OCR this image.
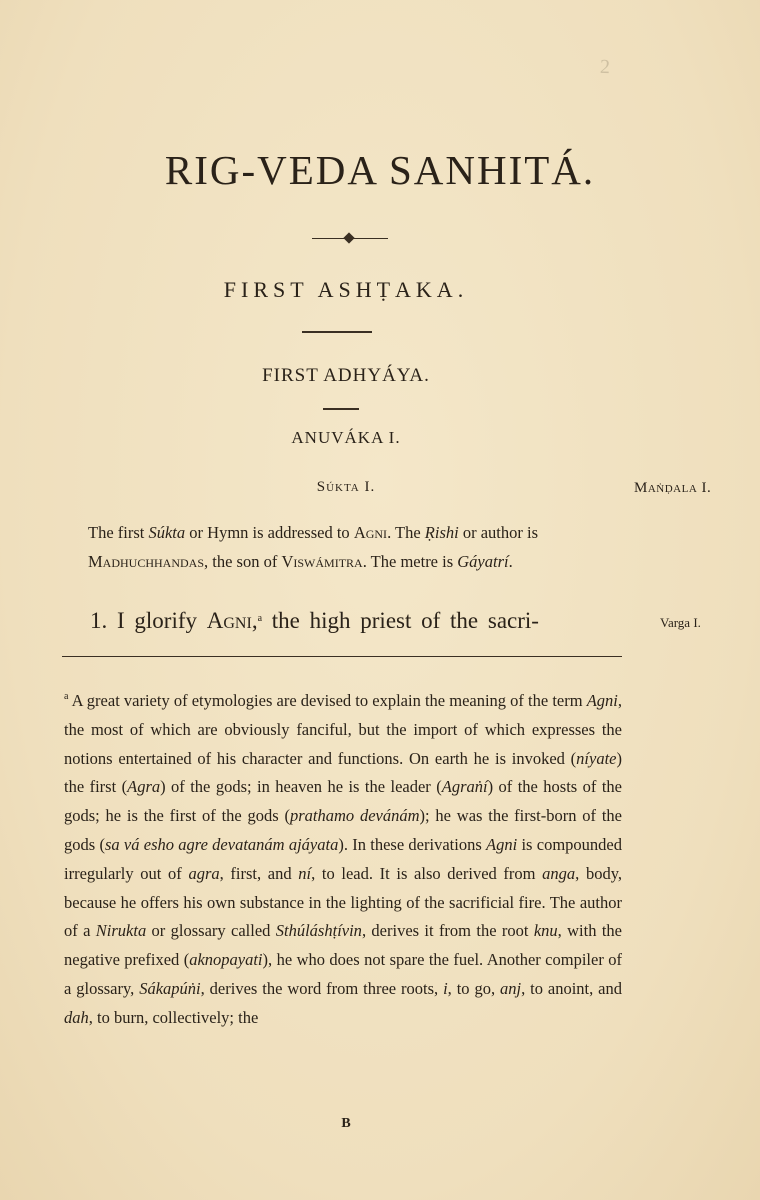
2
RIG-VEDA SANHITÁ.
FIRST ASHṬAKA.
FIRST ADHYÁYA.
ANUVÁKA I.
Súkta I.	Maṅḍala I.

The first Súkta or Hymn is addressed to Agni. The Ṛishi or author is Madhuchhandas, the son of Viswámitra. The metre is Gáyatrí.

1. I glorify Agni,$^a$ the high priest of the sacri-	Varga I.
$^a$ A great variety of etymologies are devised to explain the meaning of the term Agni, the most of which are obviously fanciful, but the import of which expresses the notions entertained of his character and functions. On earth he is invoked (níyate) the first (Agra) of the gods; in heaven he is the leader (Agraṅí) of the hosts of the gods; he is the first of the gods (prathamo devánám); he was the first-born of the gods (sa vá esho agre devatanám ajáyata). In these derivations Agni is compounded irregularly out of agra, first, and ní, to lead. It is also derived from anga, body, because he offers his own substance in the lighting of the sacrificial fire. The author of a Nirukta or glossary called Sthúláshṭívin, derives it from the root knu, with the negative prefixed (aknopayati), he who does not spare the fuel. Another compiler of a glossary, Sákapúṅi, derives the word from three roots, i, to go, anj, to anoint, and dah, to burn, collectively; the
B
